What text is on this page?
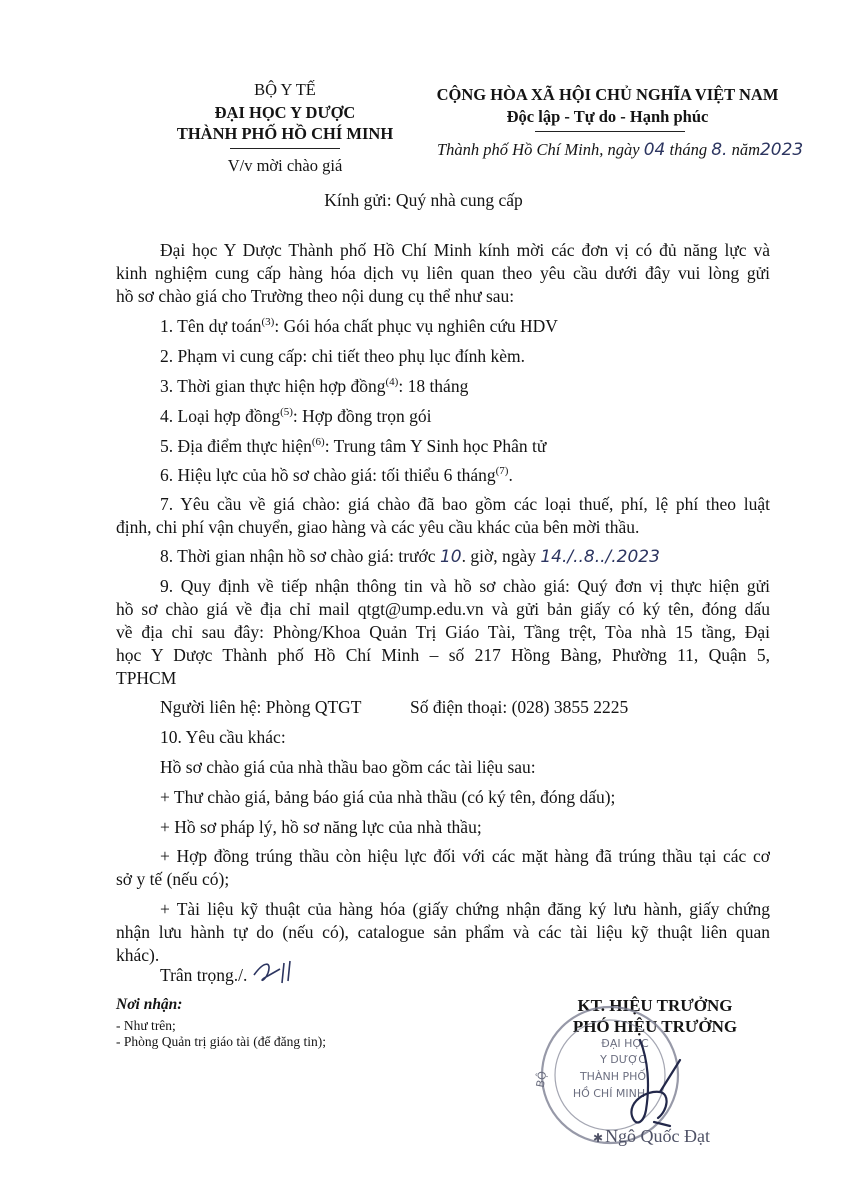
BỘ Y TẾ
ĐẠI HỌC Y DƯỢC
THÀNH PHỐ HỒ CHÍ MINH
V/v mời chào giá
CỘNG HÒA XÃ HỘI CHỦ NGHĨA VIỆT NAM
Độc lập - Tự do - Hạnh phúc
Thành phố Hồ Chí Minh, ngày 04 tháng 8. năm2023
Kính gửi: Quý nhà cung cấp
Đại học Y Dược Thành phố Hồ Chí Minh kính mời các đơn vị có đủ năng lực và
kinh nghiệm cung cấp hàng hóa dịch vụ liên quan theo yêu cầu dưới đây vui lòng gửi
hồ sơ chào giá cho Trường theo nội dung cụ thể như sau:
1. Tên dự toán$^{(3)}$: Gói hóa chất phục vụ nghiên cứu HDV
2. Phạm vi cung cấp: chi tiết theo phụ lục đính kèm.
3. Thời gian thực hiện hợp đồng$^{(4)}$: 18 tháng
4. Loại hợp đồng$^{(5)}$: Hợp đồng trọn gói
5. Địa điểm thực hiện$^{(6)}$: Trung tâm Y Sinh học Phân tử
6. Hiệu lực của hồ sơ chào giá: tối thiểu 6 tháng$^{(7)}$.
7. Yêu cầu về giá chào: giá chào đã bao gồm các loại thuế, phí, lệ phí theo luật
định, chi phí vận chuyển, giao hàng và các yêu cầu khác của bên mời thầu.
8. Thời gian nhận hồ sơ chào giá: trước 10. giờ, ngày 14./..8../.2023
9. Quy định về tiếp nhận thông tin và hồ sơ chào giá: Quý đơn vị thực hiện gửi
hồ sơ chào giá về địa chỉ mail qtgt@ump.edu.vn và gửi bản giấy có ký tên, đóng dấu
về địa chỉ sau đây: Phòng/Khoa Quản Trị Giáo Tài, Tầng trệt, Tòa nhà 15 tầng, Đại
học Y Dược Thành phố Hồ Chí Minh – số 217 Hồng Bàng, Phường 11, Quận 5,
TPHCM
Người liên hệ: Phòng QTGT	Số điện thoại: (028) 3855 2225
10. Yêu cầu khác:
Hồ sơ chào giá của nhà thầu bao gồm các tài liệu sau:
+ Thư chào giá, bảng báo giá của nhà thầu (có ký tên, đóng dấu);
+ Hồ sơ pháp lý, hồ sơ năng lực của nhà thầu;
+ Hợp đồng trúng thầu còn hiệu lực đối với các mặt hàng đã trúng thầu tại các cơ
sở y tế (nếu có);
+ Tài liệu kỹ thuật của hàng hóa (giấy chứng nhận đăng ký lưu hành, giấy chứng
nhận lưu hành tự do (nếu có), catalogue sản phẩm và các tài liệu kỹ thuật liên quan
khác).
Trân trọng./.
Nơi nhận:
- Như trên;
- Phòng Quản trị giáo tài (để đăng tin);
KT. HIỆU TRƯỞNG
PHÓ HIỆU TRƯỞNG
ĐẠI HỌC
Y DƯỢC
THÀNH PHỐ
HỒ CHÍ MINH
BỘ
✱ Ngô Quốc Đạt
